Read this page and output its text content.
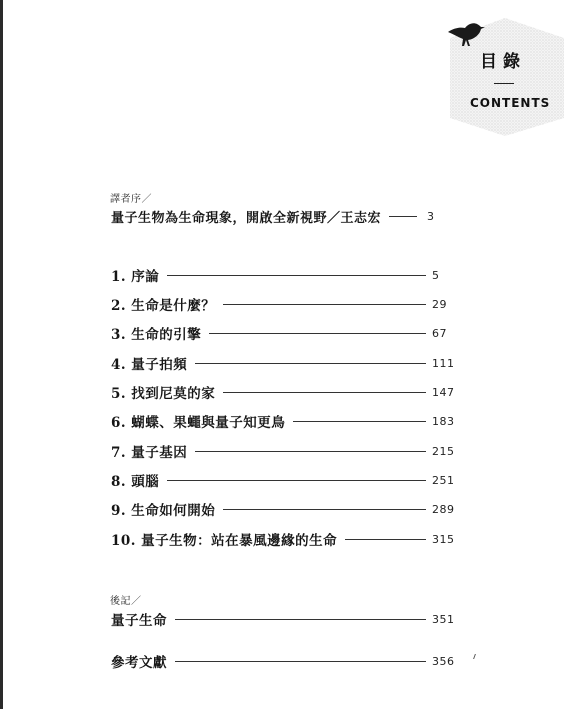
目錄
CONTENTS
譯者序／
量子生物為生命現象，開啟全新視野／王志宏	3
1. 序論	5
2. 生命是什麼？	29
3. 生命的引擎	67
4. 量子拍頻	111
5. 找到尼莫的家	147
6. 蝴蝶、果蠅與量子知更鳥	183
7. 量子基因	215
8. 頭腦	251
9. 生命如何開始	289
10. 量子生物：站在暴風邊緣的生命	315
後記／
量子生命	351
參考文獻	356
